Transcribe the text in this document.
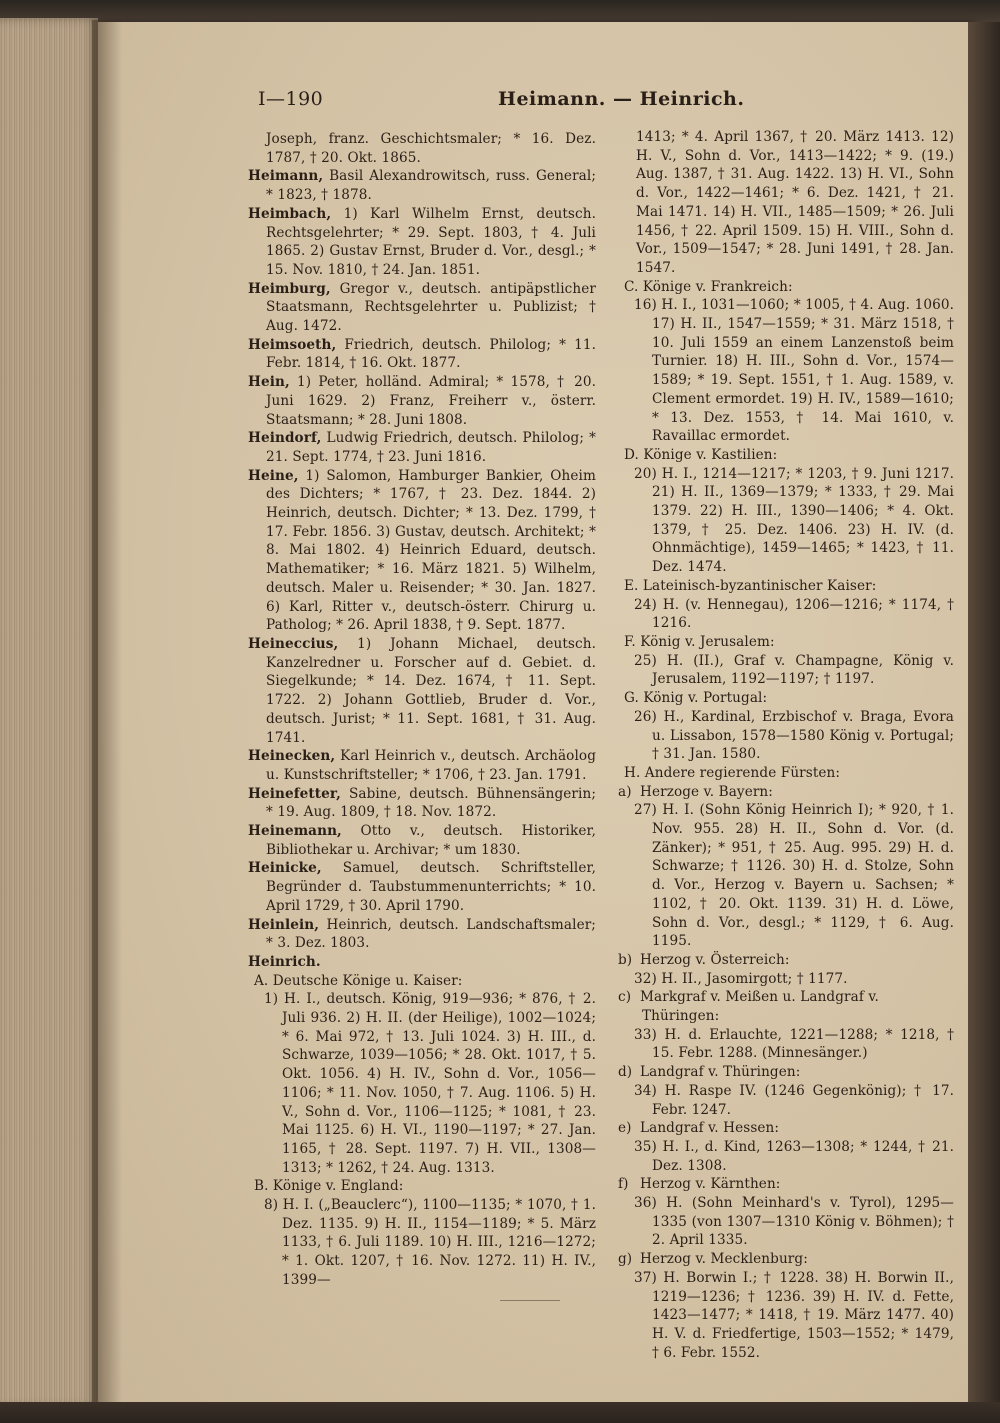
I—190	Heimann. — Heinrich.

Joseph, franz. Geschichtsmaler; * 16. Dez. 1787, † 20. Okt. 1865.

Heimann, Basil Alexandrowitsch, russ. General; * 1823, † 1878.

Heimbach, 1) Karl Wilhelm Ernst, deutsch. Rechtsgelehrter; * 29. Sept. 1803, † 4. Juli 1865. 2) Gustav Ernst, Bruder d. Vor., desgl.; * 15. Nov. 1810, † 24. Jan. 1851.

Heimburg, Gregor v., deutsch. antipäpstlicher Staatsmann, Rechtsgelehrter u. Publizist; † Aug. 1472.

Heimsoeth, Friedrich, deutsch. Philolog; * 11. Febr. 1814, † 16. Okt. 1877.

Hein, 1) Peter, holländ. Admiral; * 1578, † 20. Juni 1629. 2) Franz, Freiherr v., österr. Staatsmann; * 28. Juni 1808.

Heindorf, Ludwig Friedrich, deutsch. Philolog; * 21. Sept. 1774, † 23. Juni 1816.

Heine, 1) Salomon, Hamburger Bankier, Oheim des Dichters; * 1767, † 23. Dez. 1844. 2) Heinrich, deutsch. Dichter; * 13. Dez. 1799, † 17. Febr. 1856. 3) Gustav, deutsch. Architekt; * 8. Mai 1802. 4) Heinrich Eduard, deutsch. Mathematiker; * 16. März 1821. 5) Wilhelm, deutsch. Maler u. Reisender; * 30. Jan. 1827. 6) Karl, Ritter v., deutsch-österr. Chirurg u. Patholog; * 26. April 1838, † 9. Sept. 1877.

Heineccius, 1) Johann Michael, deutsch. Kanzelredner u. Forscher auf d. Gebiet. d. Siegelkunde; * 14. Dez. 1674, † 11. Sept. 1722. 2) Johann Gottlieb, Bruder d. Vor., deutsch. Jurist; * 11. Sept. 1681, † 31. Aug. 1741.

Heinecken, Karl Heinrich v., deutsch. Archäolog u. Kunstschriftsteller; * 1706, † 23. Jan. 1791.

Heinefetter, Sabine, deutsch. Bühnensängerin; * 19. Aug. 1809, † 18. Nov. 1872.

Heinemann, Otto v., deutsch. Historiker, Bibliothekar u. Archivar; * um 1830.

Heinicke, Samuel, deutsch. Schriftsteller, Begründer d. Taubstummenunterrichts; * 10. April 1729, † 30. April 1790.

Heinlein, Heinrich, deutsch. Landschaftsmaler; * 3. Dez. 1803.

Heinrich.

A. Deutsche Könige u. Kaiser:

1) H. I., deutsch. König, 919—936; * 876, † 2. Juli 936. 2) H. II. (der Heilige), 1002—1024; * 6. Mai 972, † 13. Juli 1024. 3) H. III., d. Schwarze, 1039—1056; * 28. Okt. 1017, † 5. Okt. 1056. 4) H. IV., Sohn d. Vor., 1056—1106; * 11. Nov. 1050, † 7. Aug. 1106. 5) H. V., Sohn d. Vor., 1106—1125; * 1081, † 23. Mai 1125. 6) H. VI., 1190—1197; * 27. Jan. 1165, † 28. Sept. 1197. 7) H. VII., 1308—1313; * 1262, † 24. Aug. 1313.

B. Könige v. England:

8) H. I. („Beauclerc“), 1100—1135; * 1070, † 1. Dez. 1135. 9) H. II., 1154—1189; * 5. März 1133, † 6. Juli 1189. 10) H. III., 1216—1272; * 1. Okt. 1207, † 16. Nov. 1272. 11) H. IV., 1399—

1413; * 4. April 1367, † 20. März 1413. 12) H. V., Sohn d. Vor., 1413—1422; * 9. (19.) Aug. 1387, † 31. Aug. 1422. 13) H. VI., Sohn d. Vor., 1422—1461; * 6. Dez. 1421, † 21. Mai 1471. 14) H. VII., 1485—1509; * 26. Juli 1456, † 22. April 1509. 15) H. VIII., Sohn d. Vor., 1509—1547; * 28. Juni 1491, † 28. Jan. 1547.

C. Könige v. Frankreich:

16) H. I., 1031—1060; * 1005, † 4. Aug. 1060. 17) H. II., 1547—1559; * 31. März 1518, † 10. Juli 1559 an einem Lanzenstoß beim Turnier. 18) H. III., Sohn d. Vor., 1574—1589; * 19. Sept. 1551, † 1. Aug. 1589, v. Clement ermordet. 19) H. IV., 1589—1610; * 13. Dez. 1553, † 14. Mai 1610, v. Ravaillac ermordet.

D. Könige v. Kastilien:

20) H. I., 1214—1217; * 1203, † 9. Juni 1217. 21) H. II., 1369—1379; * 1333, † 29. Mai 1379. 22) H. III., 1390—1406; * 4. Okt. 1379, † 25. Dez. 1406. 23) H. IV. (d. Ohnmächtige), 1459—1465; * 1423, † 11. Dez. 1474.

E. Lateinisch-byzantinischer Kaiser:

24) H. (v. Hennegau), 1206—1216; * 1174, † 1216.

F. König v. Jerusalem:

25) H. (II.), Graf v. Champagne, König v. Jerusalem, 1192—1197; † 1197.

G. König v. Portugal:

26) H., Kardinal, Erzbischof v. Braga, Evora u. Lissabon, 1578—1580 König v. Portugal; † 31. Jan. 1580.

H. Andere regierende Fürsten:

a) Herzoge v. Bayern:

27) H. I. (Sohn König Heinrich I); * 920, † 1. Nov. 955. 28) H. II., Sohn d. Vor. (d. Zänker); * 951, † 25. Aug. 995. 29) H. d. Schwarze; † 1126. 30) H. d. Stolze, Sohn d. Vor., Herzog v. Bayern u. Sachsen; * 1102, † 20. Okt. 1139. 31) H. d. Löwe, Sohn d. Vor., desgl.; * 1129, † 6. Aug. 1195.

b) Herzog v. Österreich:

32) H. II., Jasomirgott; † 1177.

c) Markgraf v. Meißen u. Landgraf v. Thüringen:

33) H. d. Erlauchte, 1221—1288; * 1218, † 15. Febr. 1288. (Minnesänger.)

d) Landgraf v. Thüringen:

34) H. Raspe IV. (1246 Gegenkönig); † 17. Febr. 1247.

e) Landgraf v. Hessen:

35) H. I., d. Kind, 1263—1308; * 1244, † 21. Dez. 1308.

f) Herzog v. Kärnthen:

36) H. (Sohn Meinhard's v. Tyrol), 1295—1335 (von 1307—1310 König v. Böhmen); † 2. April 1335.

g) Herzog v. Mecklenburg:

37) H. Borwin I.; † 1228. 38) H. Borwin II., 1219—1236; † 1236. 39) H. IV. d. Fette, 1423—1477; * 1418, † 19. März 1477. 40) H. V. d. Friedfertige, 1503—1552; * 1479, † 6. Febr. 1552.
